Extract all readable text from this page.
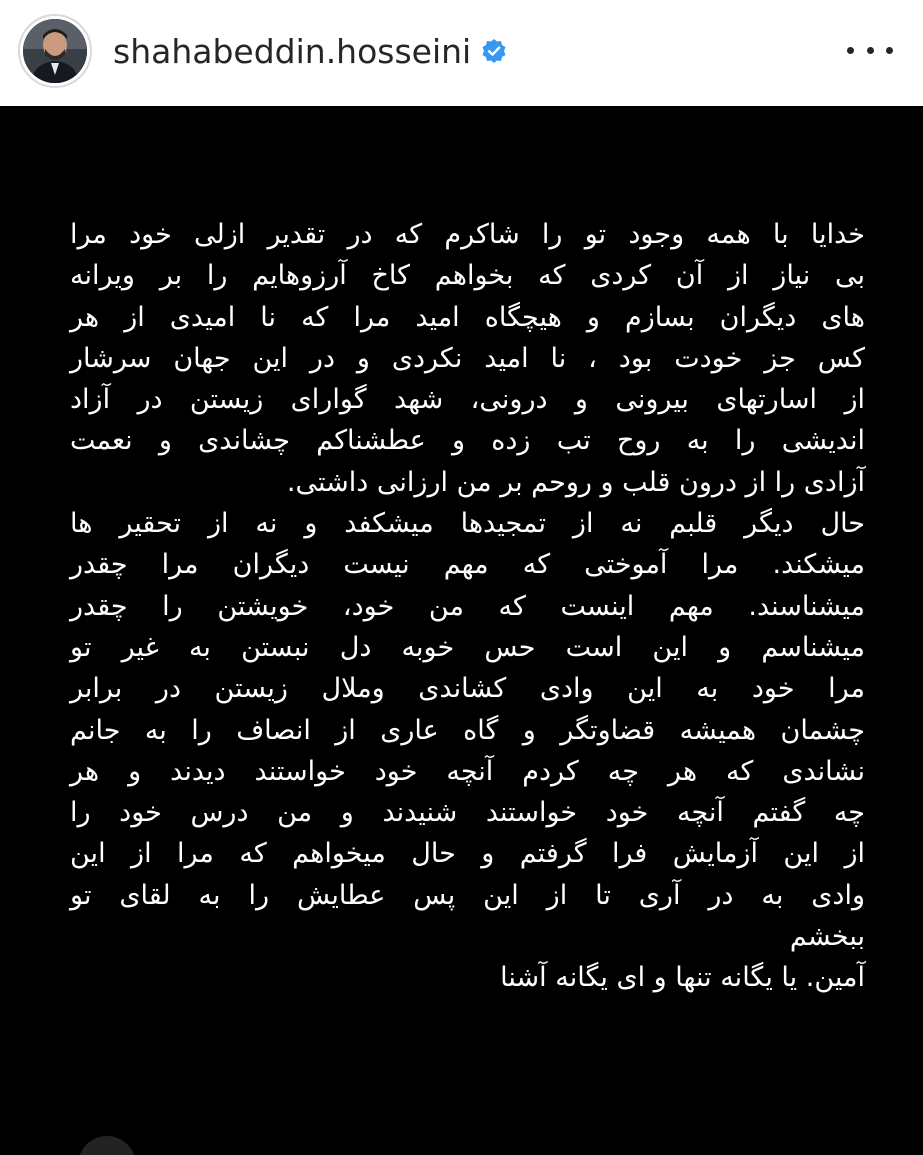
shahabeddin.hosseini
خدایا با همه وجود تو را شاکرم که در تقدیر ازلی خود مرا
بی نیاز از آن کردی که بخواهم کاخ آرزوهایم را بر ویرانه
های دیگران بسازم و هیچگاه امید مرا که نا امیدی از هر
کس جز خودت بود ، نا امید نکردی و در این جهان سرشار
از اسارتهای بیرونی و درونی، شهد گوارای زیستن در آزاد
اندیشی را به روح تب زده و عطشناکم چشاندی و نعمت
آزادی را از درون قلب و روحم بر من ارزانی داشتی.
حال دیگر قلبم نه از تمجیدها میشکفد و نه از تحقیر ها
میشکند. مرا آموختی که مهم نیست دیگران مرا چقدر
میشناسند. مهم اینست که من خود، خویشتن را چقدر
میشناسم و این است حس خوبه دل نبستن به غیر تو
مرا خود به این وادی کشاندی وملال زیستن در برابر
چشمان همیشه قضاوتگر و گاه عاری از انصاف را به جانم
نشاندی که هر چه کردم آنچه خود خواستند دیدند و هر
چه گفتم آنچه خود خواستند شنیدند و من درس خود را
از این آزمایش فرا گرفتم و حال میخواهم که مرا از این
وادی به در آری تا از این پس عطایش را به لقای تو
ببخشم
آمین. یا یگانه تنها و ای یگانه آشنا
